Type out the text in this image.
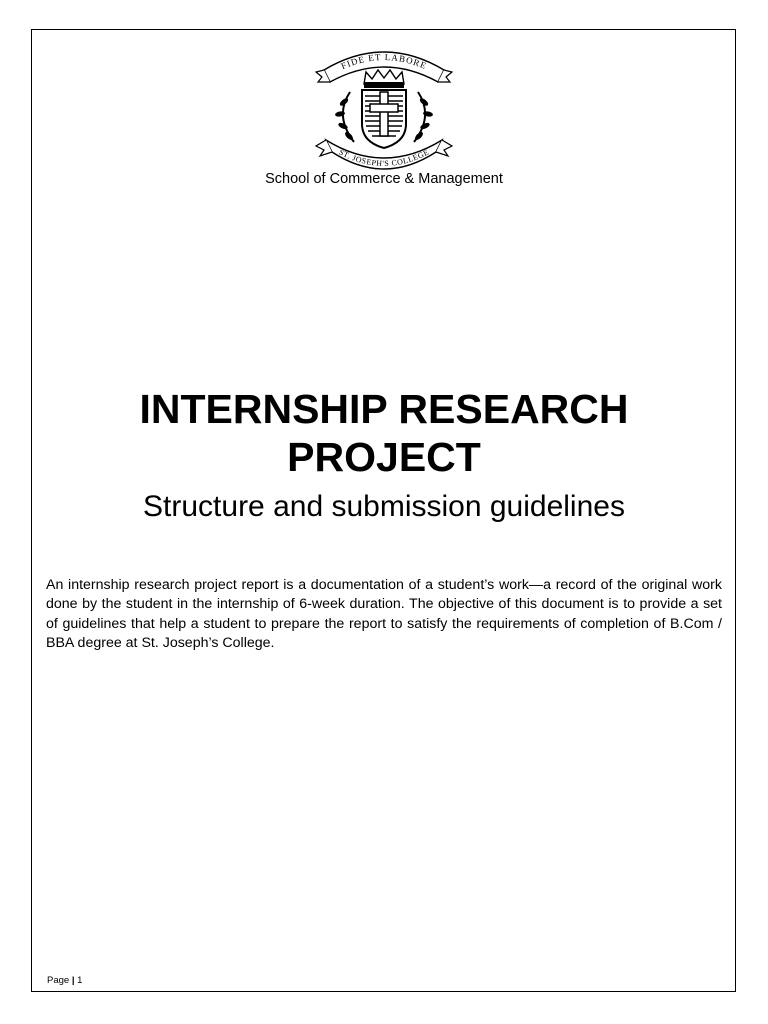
FIDE ET LABORE
ST. JOSEPH'S COLLEGE
School of Commerce & Management
INTERNSHIP RESEARCH
PROJECT
Structure and submission guidelines

An internship research project report is a documentation of a student’s work—a record of the original work done by the student in the internship of 6-week duration. The objective of this document is to provide a set of guidelines that help a student to prepare the report to satisfy the requirements of completion of B.Com / BBA degree at St. Joseph’s College.

Page | 1
